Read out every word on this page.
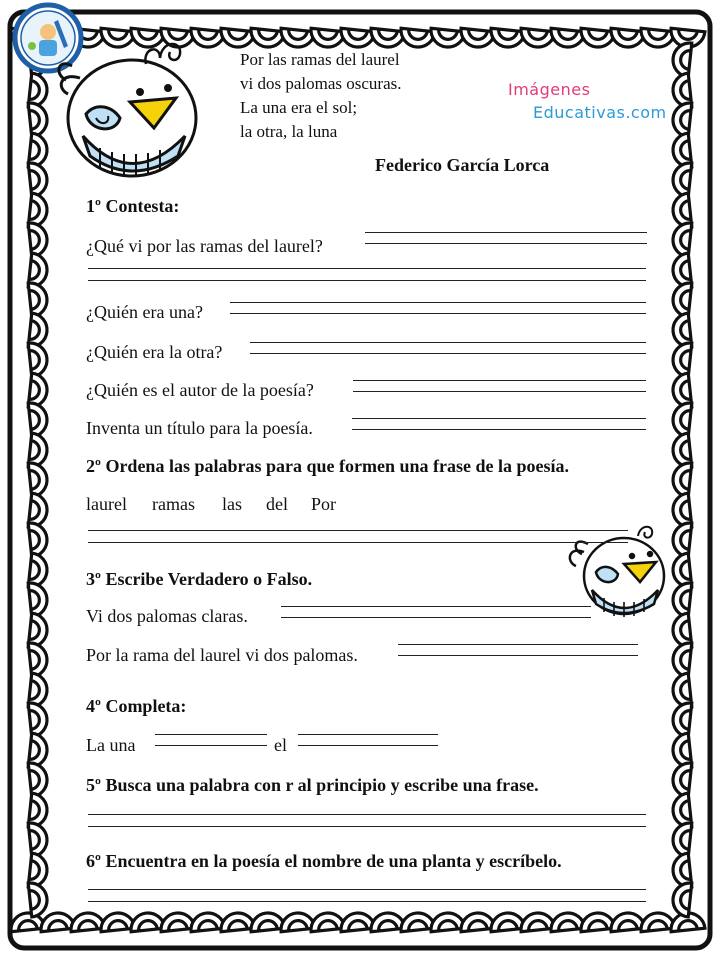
Por las ramas del laurel
vi dos palomas oscuras.
La una era el sol;
la otra, la luna
Federico García Lorca
Imágenes
Educativas.com
1º Contesta:
¿Qué vi por las ramas del laurel?
¿Quién era una?
¿Quién era la otra?
¿Quién es el autor de la poesía?
Inventa un título para la poesía.
2º Ordena las palabras para que formen una frase de la poesía.
laurel ramas las del Por
3º Escribe Verdadero o Falso.
Vi dos palomas claras.
Por la rama del laurel vi dos palomas.
4º Completa:
La una	el
5º Busca una palabra con r al principio y escribe una frase.
6º Encuentra en la poesía el nombre de una planta y escríbelo.
